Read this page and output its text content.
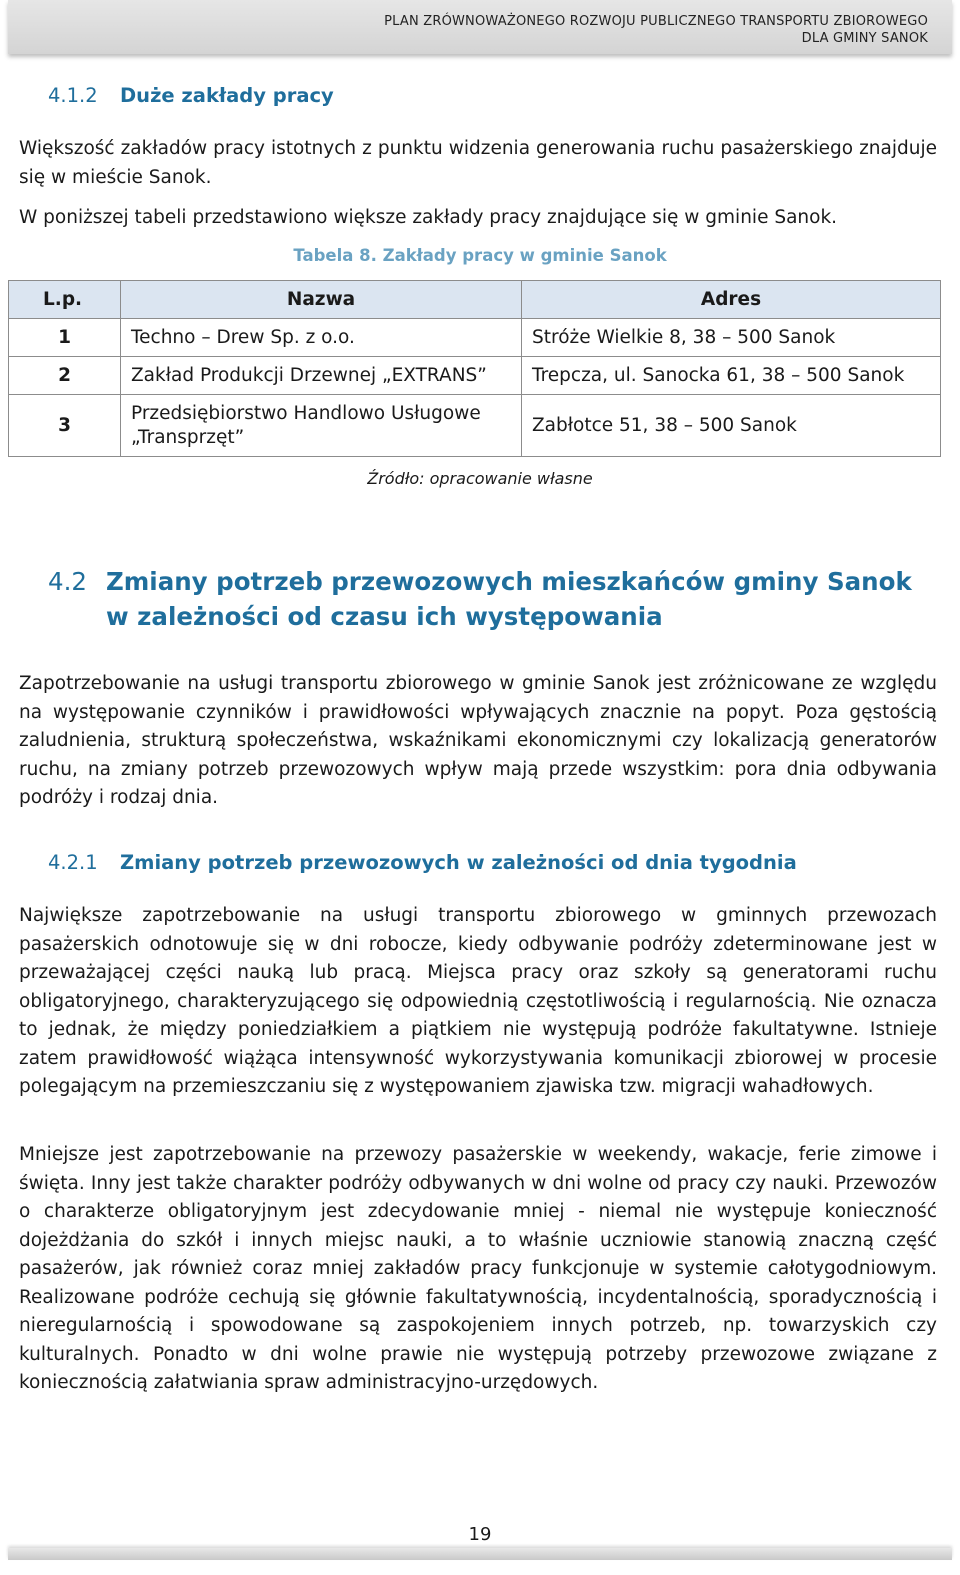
PLAN ZRÓWNOWAŻONEGO ROZWOJU PUBLICZNEGO TRANSPORTU ZBIOROWEGO
DLA GMINY SANOK
4.1.2 Duże zakłady pracy

Większość zakładów pracy istotnych z punktu widzenia generowania ruchu pasażerskiego znajduje się w mieście Sanok.

W poniższej tabeli przedstawiono większe zakłady pracy znajdujące się w gminie Sanok.

Tabela 8. Zakłady pracy w gminie Sanok
L.p.	Nazwa	Adres
1	Techno – Drew Sp. z o.o.	Stróże Wielkie 8, 38 – 500 Sanok
2	Zakład Produkcji Drzewnej „EXTRANS”	Trepcza, ul. Sanocka 61, 38 – 500 Sanok
3	Przedsiębiorstwo Handlowo Usługowe „Transprzęt”	Zabłotce 51, 38 – 500 Sanok
Źródło: opracowanie własne
4.2 Zmiany potrzeb przewozowych mieszkańców gminy Sanok
w zależności od czasu ich występowania

Zapotrzebowanie na usługi transportu zbiorowego w gminie Sanok jest zróżnicowane ze względu na występowanie czynników i prawidłowości wpływających znacznie na popyt. Poza gęstością zaludnienia, strukturą społeczeństwa, wskaźnikami ekonomicznymi czy lokalizacją generatorów ruchu, na zmiany potrzeb przewozowych wpływ mają przede wszystkim: pora dnia odbywania podróży i rodzaj dnia.

4.2.1 Zmiany potrzeb przewozowych w zależności od dnia tygodnia

Największe zapotrzebowanie na usługi transportu zbiorowego w gminnych przewozach pasażerskich odnotowuje się w dni robocze, kiedy odbywanie podróży zdeterminowane jest w przeważającej części nauką lub pracą. Miejsca pracy oraz szkoły są generatorami ruchu obligatoryjnego, charakteryzującego się odpowiednią częstotliwością i regularnością. Nie oznacza to jednak, że między poniedziałkiem a piątkiem nie występują podróże fakultatywne. Istnieje zatem prawidłowość wiążąca intensywność wykorzystywania komunikacji zbiorowej w procesie polegającym na przemieszczaniu się z występowaniem zjawiska tzw. migracji wahadłowych.

Mniejsze jest zapotrzebowanie na przewozy pasażerskie w weekendy, wakacje, ferie zimowe i święta. Inny jest także charakter podróży odbywanych w dni wolne od pracy czy nauki. Przewozów o charakterze obligatoryjnym jest zdecydowanie mniej - niemal nie występuje konieczność dojeżdżania do szkół i innych miejsc nauki, a to właśnie uczniowie stanowią znaczną część pasażerów, jak również coraz mniej zakładów pracy funkcjonuje w systemie całotygodniowym. Realizowane podróże cechują się głównie fakultatywnością, incydentalnością, sporadycznością i nieregularnością i spowodowane są zaspokojeniem innych potrzeb, np. towarzyskich czy kulturalnych. Ponadto w dni wolne prawie nie występują potrzeby przewozowe związane z koniecznością załatwiania spraw administracyjno-urzędowych.

19
